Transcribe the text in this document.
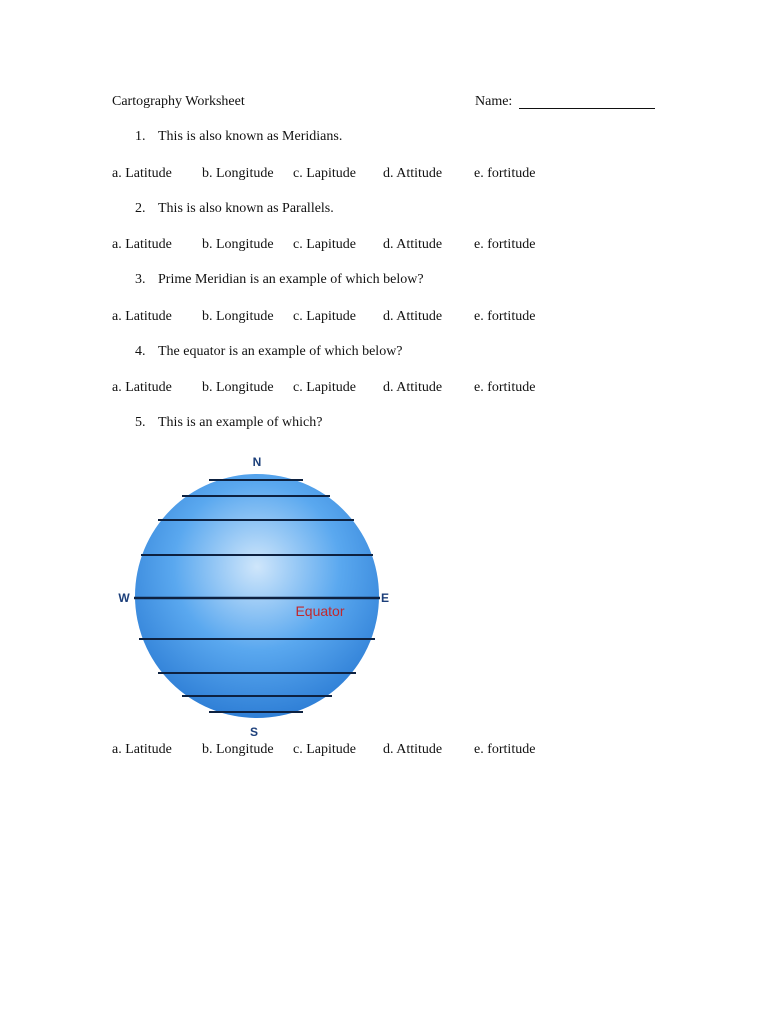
Cartography Worksheet	Name:
1. This is also known as Meridians.
a. Latitude b. Longitude c. Lapitude d. Attitude e. fortitude
2. This is also known as Parallels.
a. Latitude b. Longitude c. Lapitude d. Attitude e. fortitude
3. Prime Meridian is an example of which below?
a. Latitude b. Longitude c. Lapitude d. Attitude e. fortitude
4. The equator is an example of which below?
a. Latitude b. Longitude c. Lapitude d. Attitude e. fortitude
5. This is an example of which?
N
S
W	E
Equator
a. Latitude b. Longitude c. Lapitude d. Attitude e. fortitude
